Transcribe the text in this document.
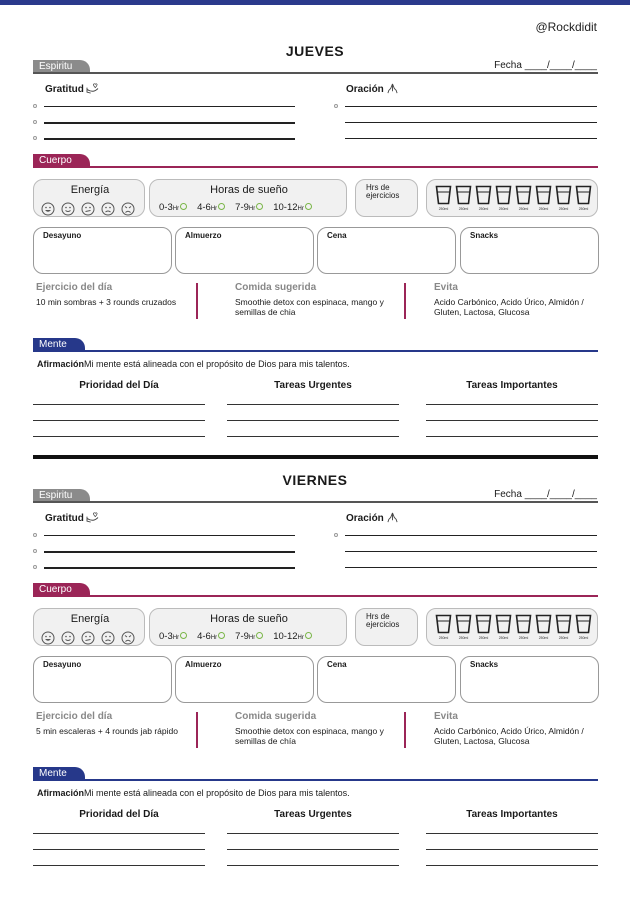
@Rockdidit
JUEVES
Espiritu	Fecha ____/____/____
Gratitud	Oración
Cuerpo
Energía	Horas de sueño
0-3Hr	4-6Hr	7-9Hr	10-12Hr
Hrs de ejercicios
250ml	250ml	250ml	250ml	250ml	250ml	250ml	250ml
Desayuno	Almuerzo	Cena	Snacks
Ejercicio del día
10 min sombras + 3 rounds cruzados
Comida sugerida
Smoothie detox con espinaca, mango y semillas de chia
Evita
Acido Carbónico, Acido Úrico, Almidón / Gluten, Lactosa, Glucosa
Mente
AfirmaciónMi mente está alineada con el propósito de Dios para mis talentos.
Prioridad del Día	Tareas Urgentes	Tareas Importantes
VIERNES
Espiritu	Fecha ____/____/____
Gratitud	Oración
Cuerpo
Energía	Horas de sueño
0-3Hr	4-6Hr	7-9Hr	10-12Hr
Hrs de ejercicios
250ml	250ml	250ml	250ml	250ml	250ml	250ml	250ml
Desayuno	Almuerzo	Cena	Snacks
Ejercicio del día
5 min escaleras + 4 rounds jab rápido
Comida sugerida
Smoothie detox con espinaca, mango y semillas de chía
Evita
Acido Carbónico, Acido Úrico, Almidón / Gluten, Lactosa, Glucosa
Mente
AfirmaciónMi mente está alineada con el propósito de Dios para mis talentos.
Prioridad del Día	Tareas Urgentes	Tareas Importantes
